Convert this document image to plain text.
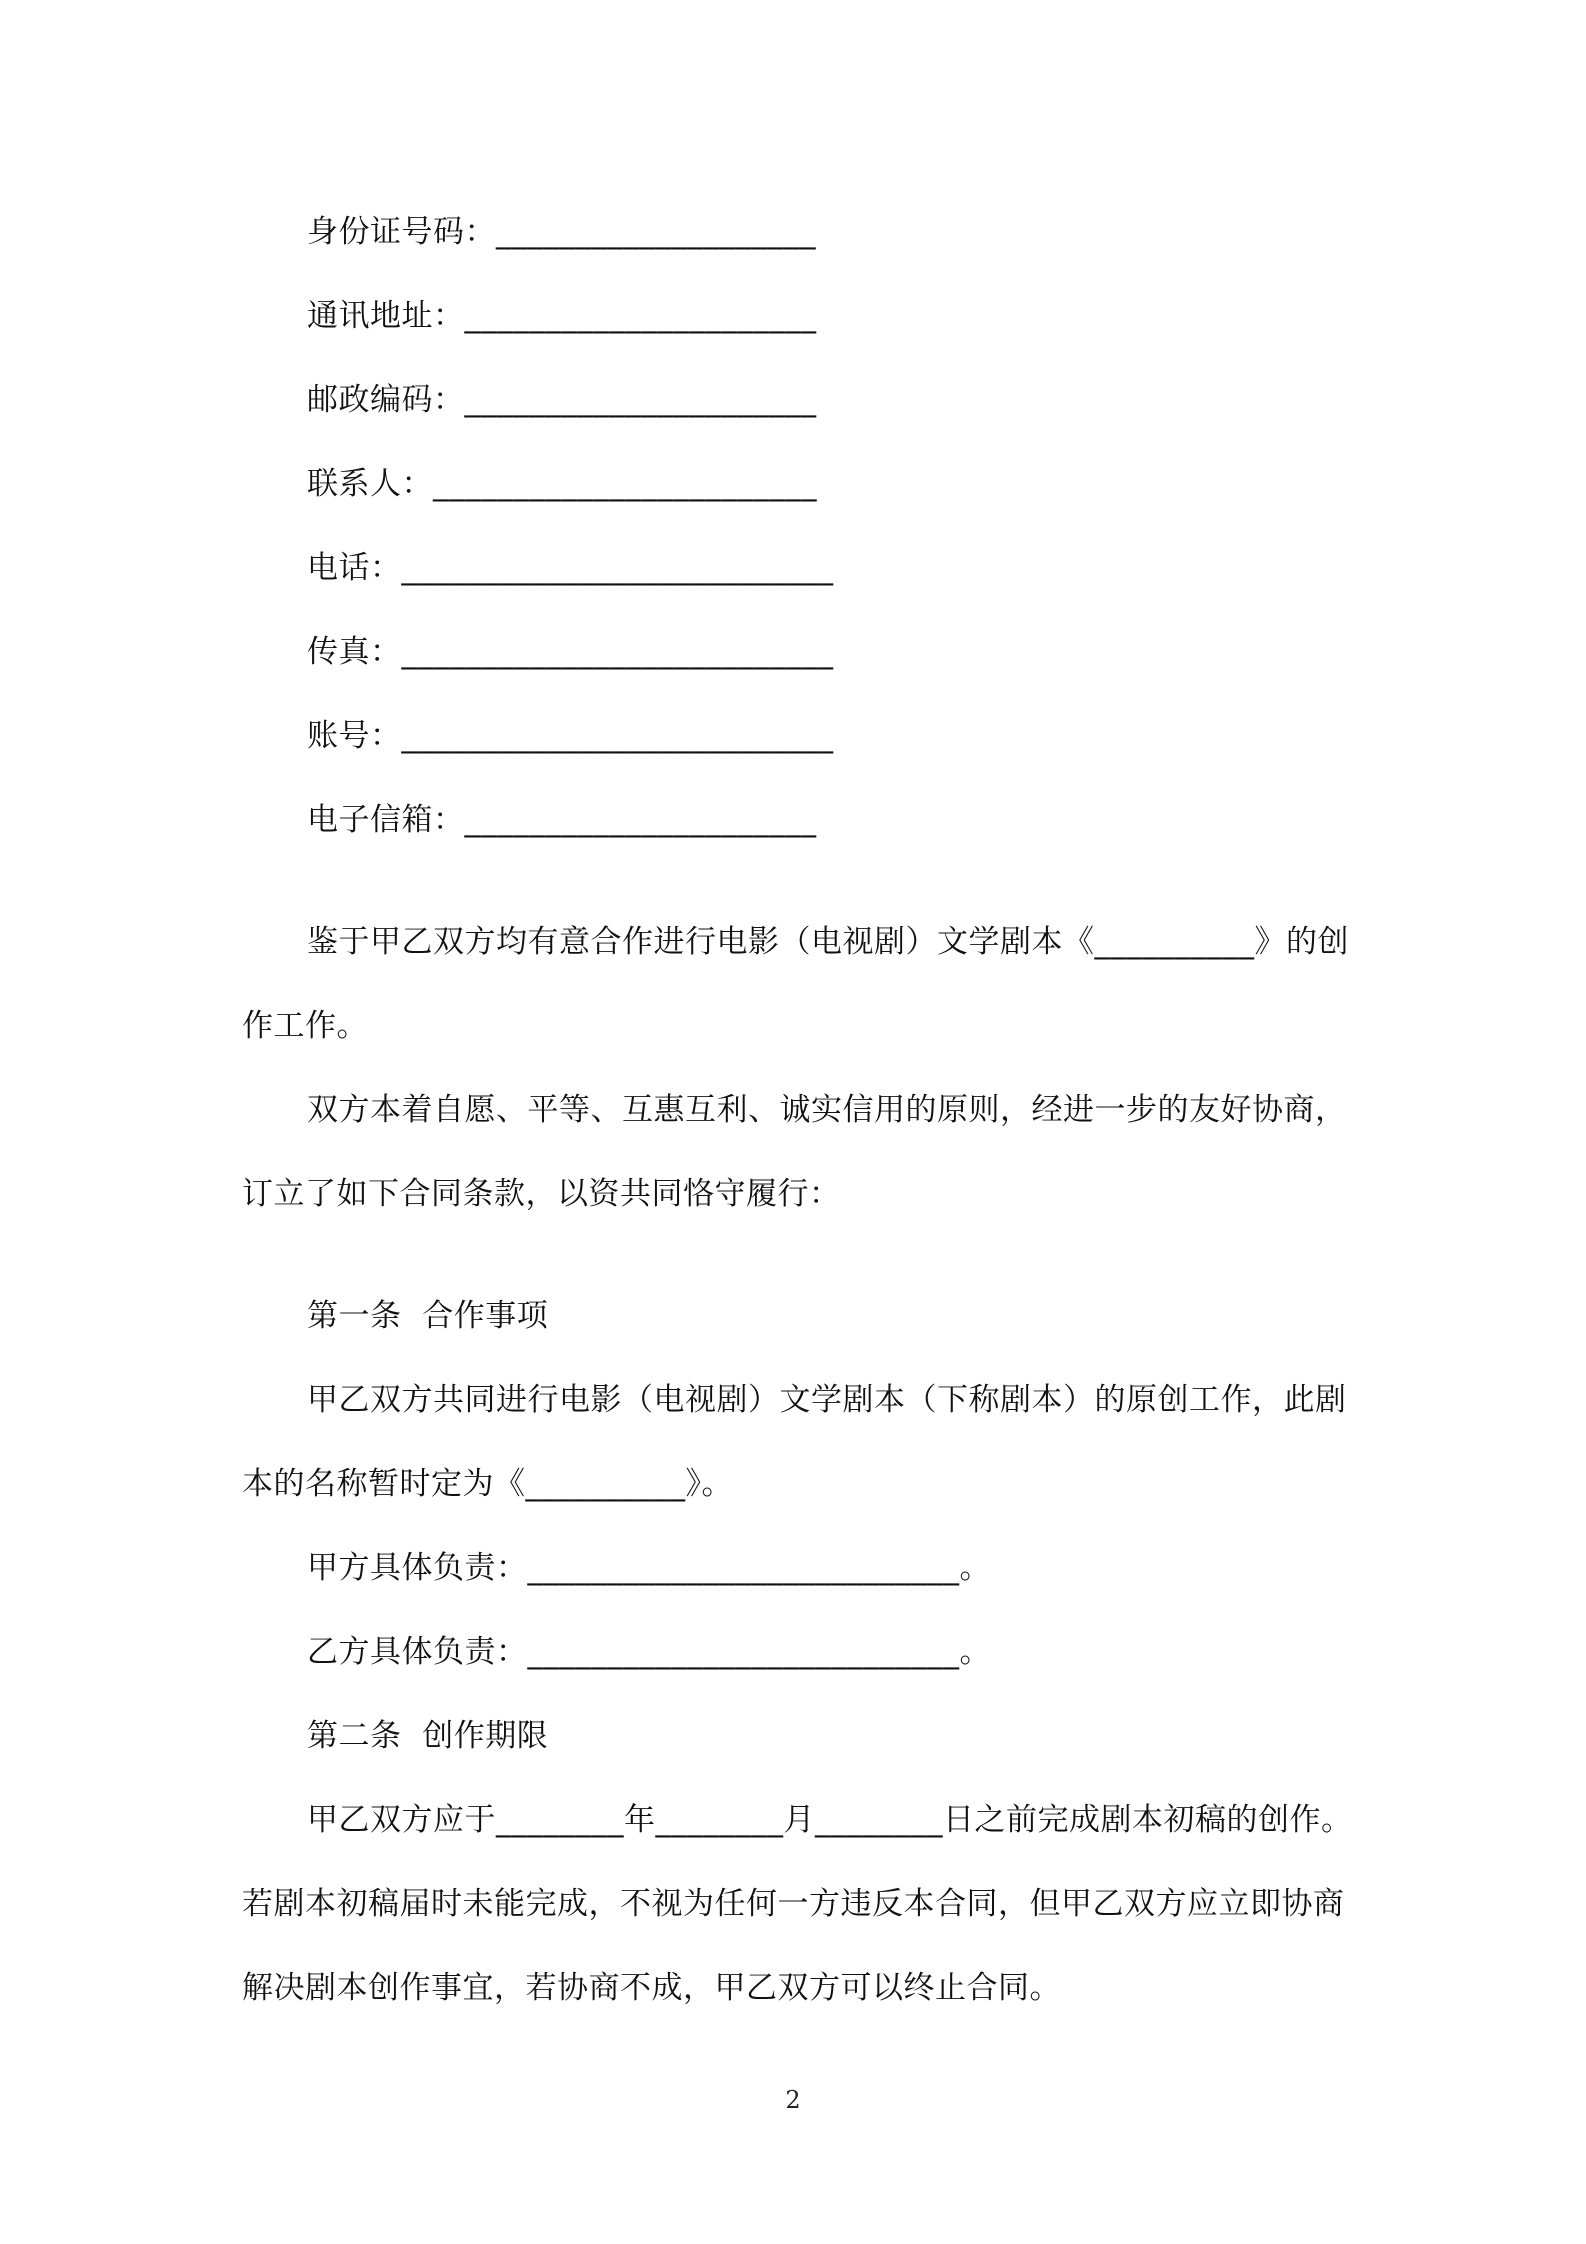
身份证号码：____________________
通讯地址：______________________
邮政编码：______________________
联系人：________________________
电话：___________________________
传真：___________________________
账号：___________________________
电子信箱：______________________
鉴于甲乙双方均有意合作进行电影（电视剧）文学剧本《__________》的创
作工作。
双方本着自愿、平等、互惠互利、诚实信用的原则，经进一步的友好协商，
订立了如下合同条款，以资共同恪守履行：
第一条  合作事项
甲乙双方共同进行电影（电视剧）文学剧本（下称剧本）的原创工作，此剧
本的名称暂时定为《__________》。
甲方具体负责：___________________________。
乙方具体负责：___________________________。
第二条  创作期限
甲乙双方应于________年________月________日之前完成剧本初稿的创作。
若剧本初稿届时未能完成，不视为任何一方违反本合同，但甲乙双方应立即协商
解决剧本创作事宜，若协商不成，甲乙双方可以终止合同。
2
